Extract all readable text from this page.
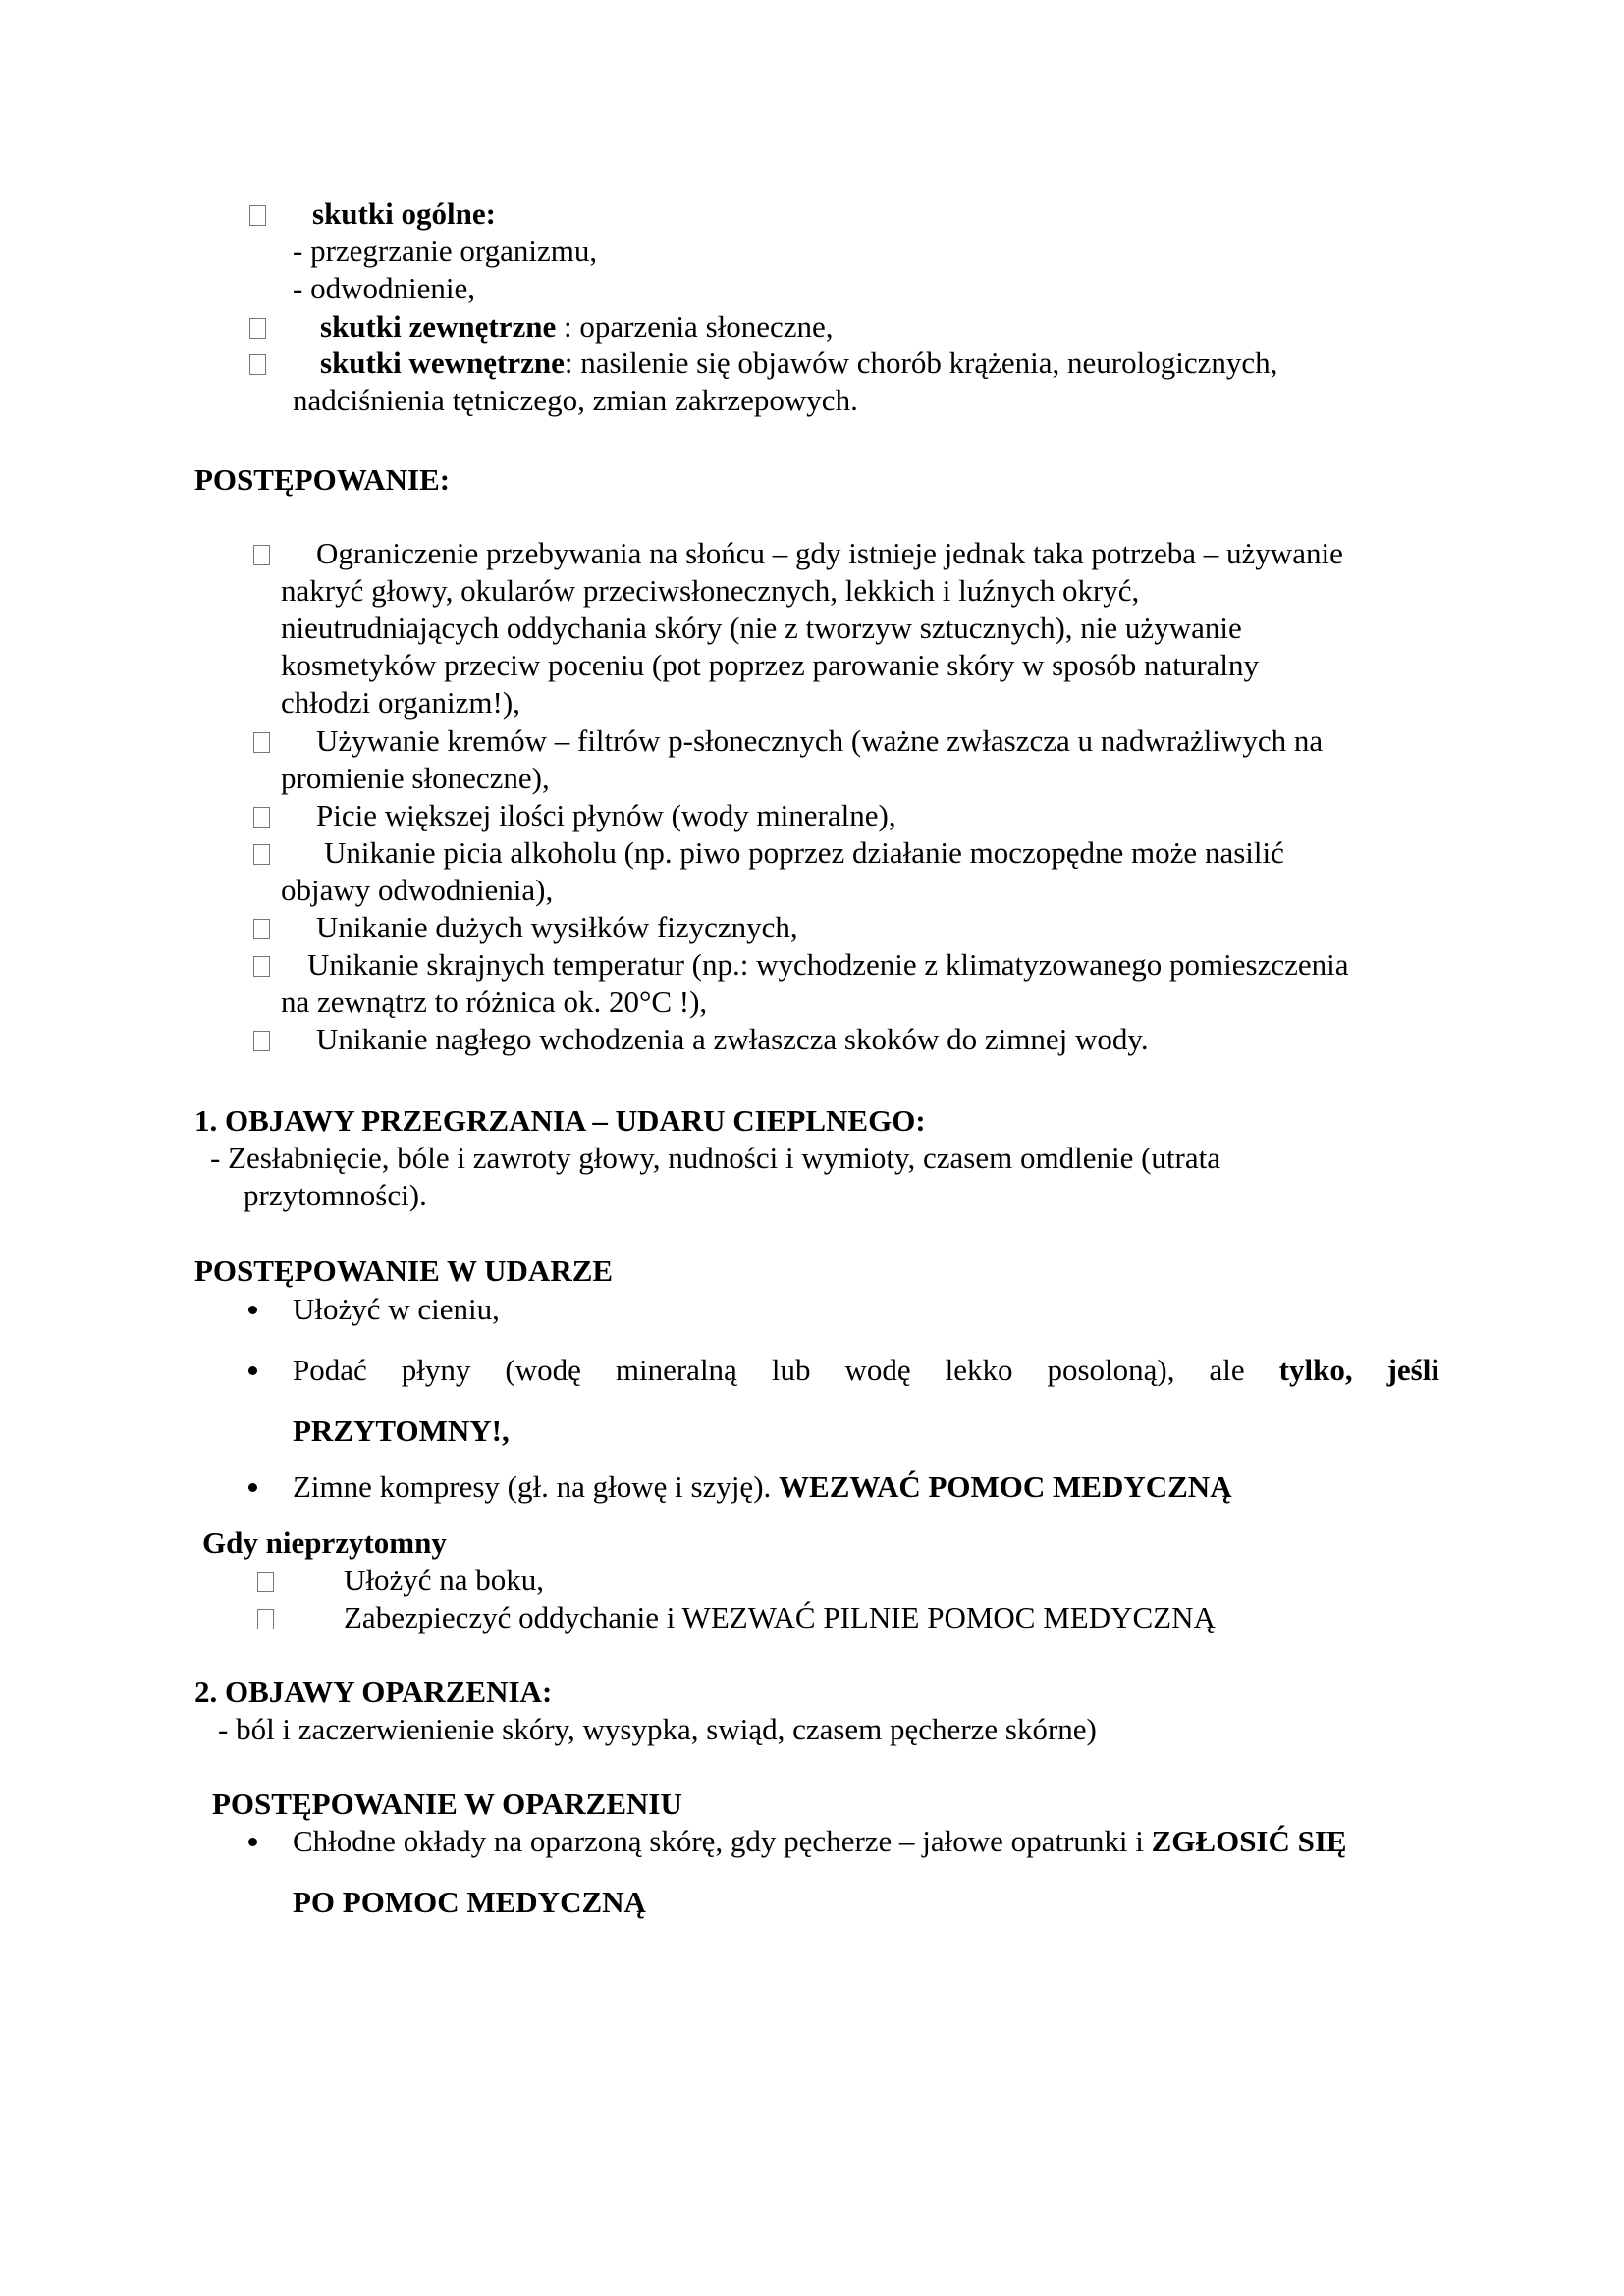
skutki ogólne:
- przegrzanie organizmu,
- odwodnienie,
skutki zewnętrzne : oparzenia słoneczne,
skutki wewnętrzne: nasilenie się objawów chorób krążenia, neurologicznych,
nadciśnienia tętniczego, zmian zakrzepowych.
POSTĘPOWANIE:
Ograniczenie przebywania na słońcu – gdy istnieje jednak taka potrzeba – używanie
nakryć głowy, okularów przeciwsłonecznych, lekkich i luźnych okryć,
nieutrudniających oddychania skóry (nie z tworzyw sztucznych), nie używanie
kosmetyków przeciw poceniu (pot poprzez parowanie skóry w sposób naturalny
chłodzi organizm!),
Używanie kremów – filtrów p-słonecznych (ważne zwłaszcza u nadwrażliwych na
promienie słoneczne),
Picie większej ilości płynów (wody mineralne),
Unikanie picia alkoholu (np. piwo poprzez działanie moczopędne może nasilić
objawy odwodnienia),
Unikanie dużych wysiłków fizycznych,
Unikanie skrajnych temperatur (np.: wychodzenie z klimatyzowanego pomieszczenia
na zewnątrz to różnica ok. 20°C !),
Unikanie nagłego wchodzenia a zwłaszcza skoków do zimnej wody.
1. OBJAWY PRZEGRZANIA – UDARU CIEPLNEGO:
- Zesłabnięcie, bóle i zawroty głowy, nudności i wymioty, czasem omdlenie (utrata
przytomności).
POSTĘPOWANIE W UDARZE
Ułożyć w cieniu,
Podać płyny (wodę mineralną lub wodę lekko posoloną), ale tylko, jeśli
PRZYTOMNY!,
Zimne kompresy (gł. na głowę i szyję). WEZWAĆ POMOC MEDYCZNĄ
Gdy nieprzytomny
Ułożyć na boku,
Zabezpieczyć oddychanie i WEZWAĆ PILNIE POMOC MEDYCZNĄ
2. OBJAWY OPARZENIA:
- ból i zaczerwienienie skóry, wysypka, swiąd, czasem pęcherze skórne)
POSTĘPOWANIE W OPARZENIU
Chłodne okłady na oparzoną skórę, gdy pęcherze – jałowe opatrunki i ZGŁOSIĆ SIĘ
PO POMOC MEDYCZNĄ
